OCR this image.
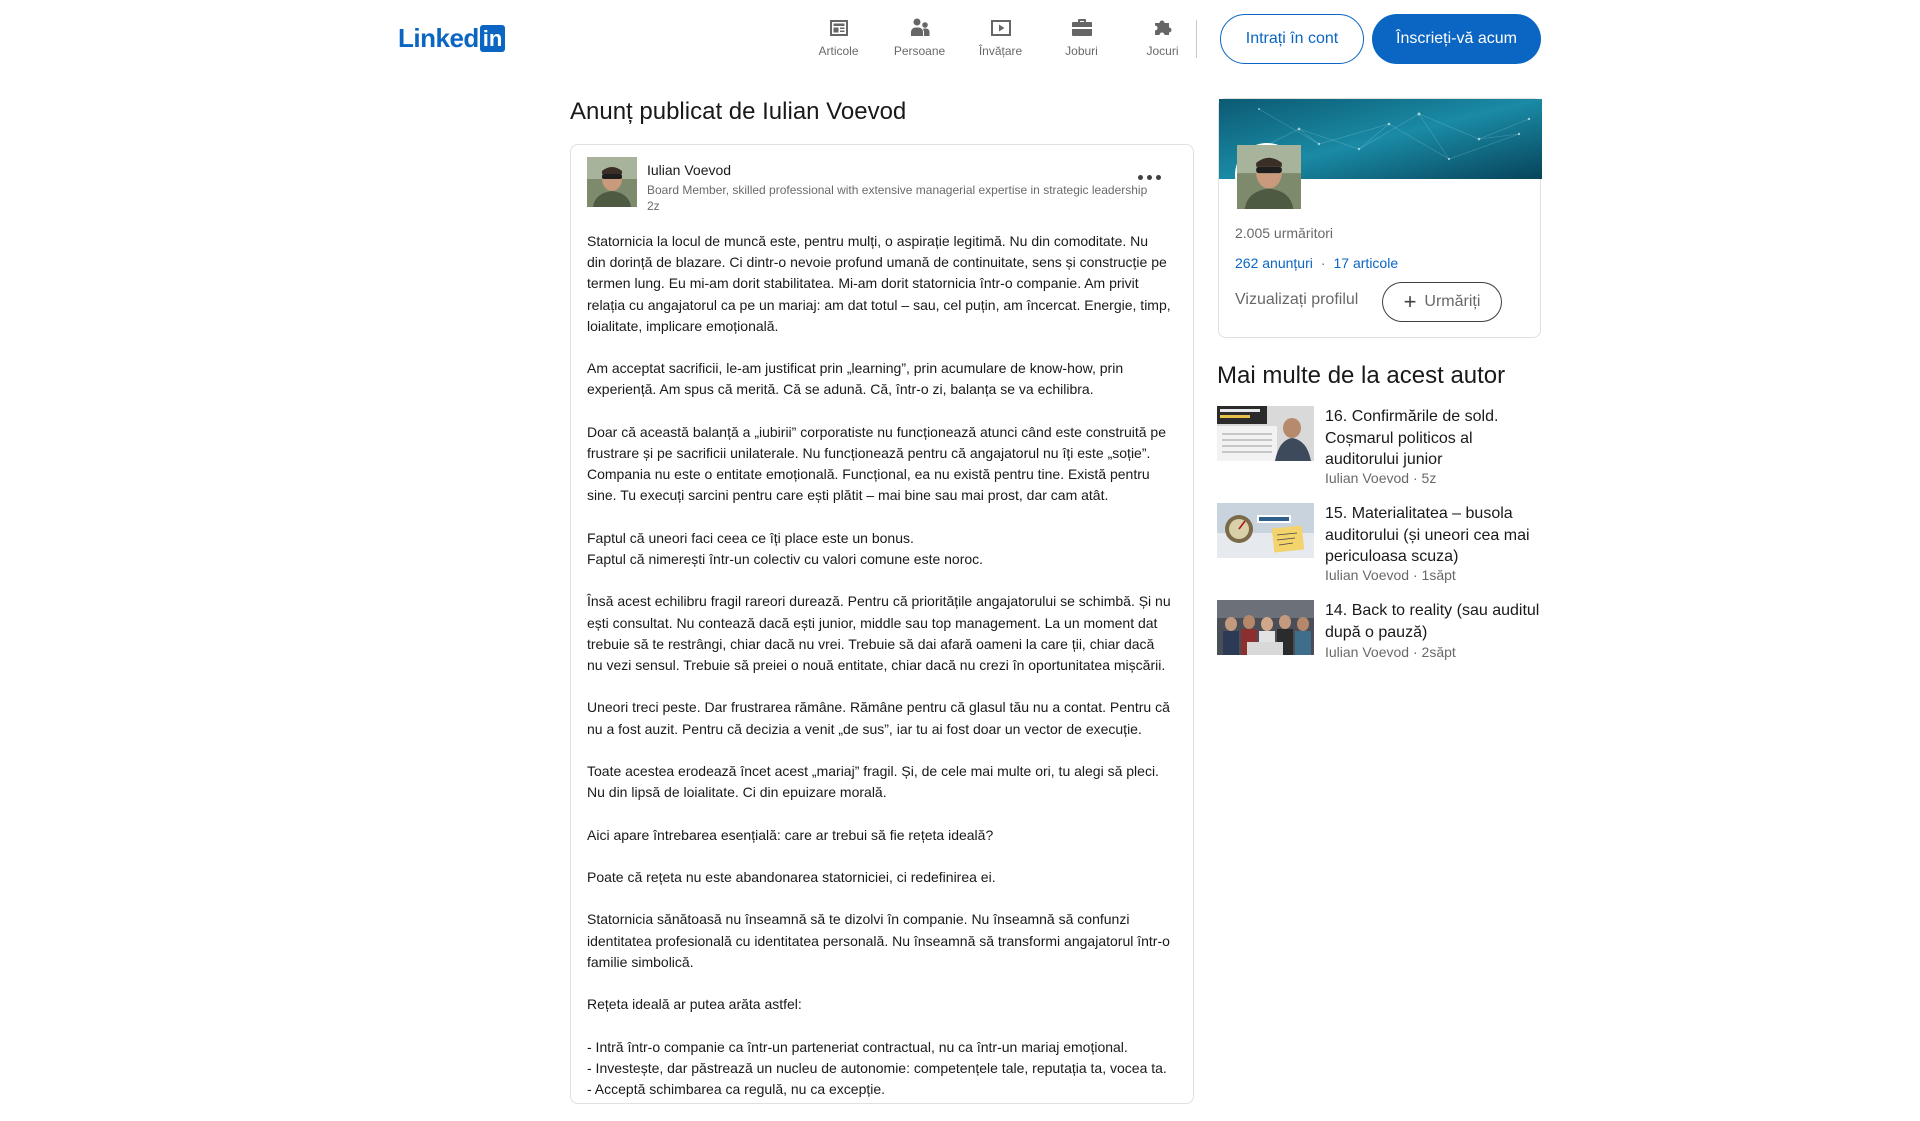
Linked in
Articole	Persoane	Învățare	Joburi	Jocuri
Intrați în cont	Înscrieți-vă acum
Anunț publicat de Iulian Voevod
Iulian Voevod
Board Member, skilled professional with extensive managerial expertise in strategic leadership
2z

Statornicia la locul de muncă este, pentru mulți, o aspirație legitimă. Nu din comoditate. Nu
din dorință de blazare. Ci dintr-o nevoie profund umană de continuitate, sens și construcție pe
termen lung. Eu mi-am dorit stabilitatea. Mi-am dorit statornicia într-o companie. Am privit
relația cu angajatorul ca pe un mariaj: am dat totul – sau, cel puțin, am încercat. Energie, timp,
loialitate, implicare emoțională.

Am acceptat sacrificii, le-am justificat prin „learning”, prin acumulare de know-how, prin
experiență. Am spus că merită. Că se adună. Că, într-o zi, balanța se va echilibra.

Doar că această balanță a „iubirii” corporatiste nu funcționează atunci când este construită pe
frustrare și pe sacrificii unilaterale. Nu funcționează pentru că angajatorul nu îți este „soție”.
Compania nu este o entitate emoțională. Funcțional, ea nu există pentru tine. Există pentru
sine. Tu execuți sarcini pentru care ești plătit – mai bine sau mai prost, dar cam atât.

Faptul că uneori faci ceea ce îți place este un bonus.
Faptul că nimerești într-un colectiv cu valori comune este noroc.

Însă acest echilibru fragil rareori durează. Pentru că prioritățile angajatorului se schimbă. Și nu
ești consultat. Nu contează dacă ești junior, middle sau top management. La un moment dat
trebuie să te restrângi, chiar dacă nu vrei. Trebuie să dai afară oameni la care ții, chiar dacă
nu vezi sensul. Trebuie să preiei o nouă entitate, chiar dacă nu crezi în oportunitatea mișcării.

Uneori treci peste. Dar frustrarea rămâne. Rămâne pentru că glasul tău nu a contat. Pentru că
nu a fost auzit. Pentru că decizia a venit „de sus”, iar tu ai fost doar un vector de execuție.

Toate acestea erodează încet acest „mariaj” fragil. Și, de cele mai multe ori, tu alegi să pleci.
Nu din lipsă de loialitate. Ci din epuizare morală.

Aici apare întrebarea esențială: care ar trebui să fie rețeta ideală?

Poate că rețeta nu este abandonarea statorniciei, ci redefinirea ei.

Statornicia sănătoasă nu înseamnă să te dizolvi în companie. Nu înseamnă să confunzi
identitatea profesională cu identitatea personală. Nu înseamnă să transformi angajatorul într-o
familie simbolică.

Rețeta ideală ar putea arăta astfel:

- Intră într-o companie ca într-un parteneriat contractual, nu ca într-un mariaj emoțional.
- Investește, dar păstrează un nucleu de autonomie: competențele tale, reputația ta, vocea ta.
- Acceptă schimbarea ca regulă, nu ca excepție.

2.005 urmăritori
262 anunțuri · 17 articole
Vizualizați profilul + Urmăriți
Mai multe de la acest autor
16. Confirmările de sold. Coșmarul politicos al auditorului junior
Iulian Voevod · 5z
15. Materialitatea – busola auditorului (și uneori cea mai periculoasa scuza)
Iulian Voevod · 1săpt
14. Back to reality (sau auditul după o pauză)
Iulian Voevod · 2săpt
